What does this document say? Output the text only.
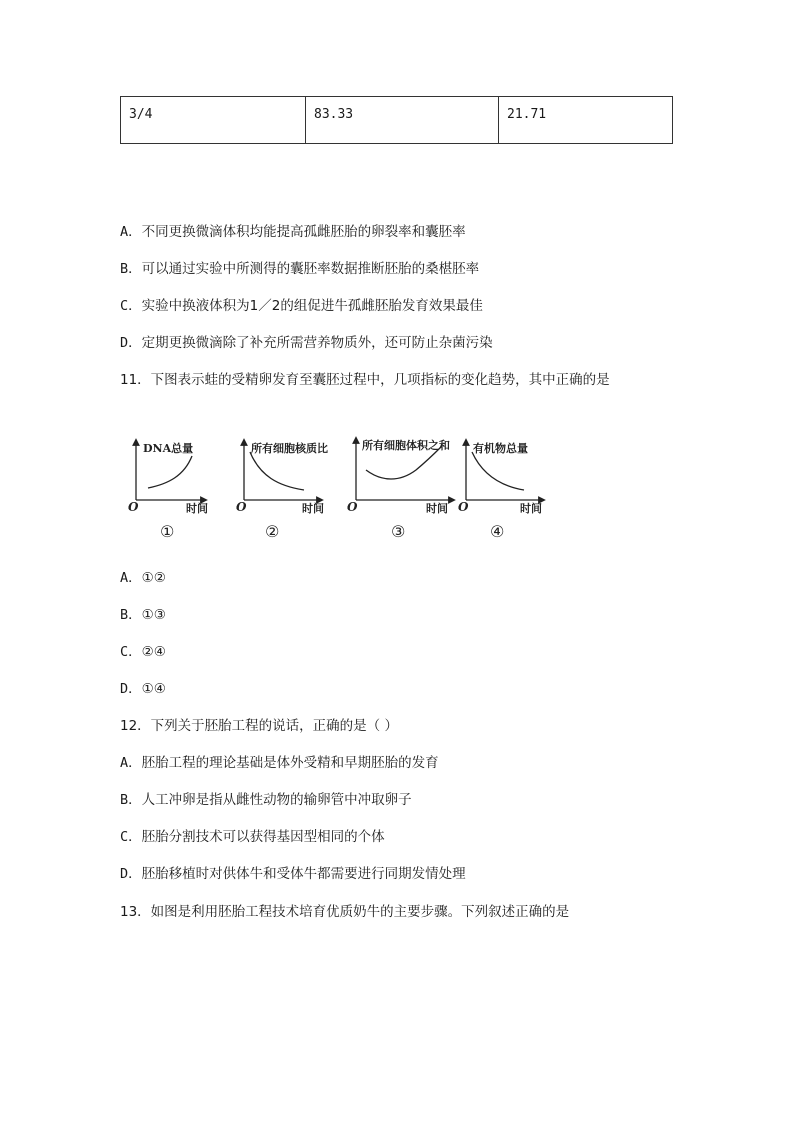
3/4	83.33	21.71
A．不同更换微滴体积均能提高孤雌胚胎的卵裂率和囊胚率
B．可以通过实验中所测得的囊胚率数据推断胚胎的桑椹胚率
C．实验中换液体积为1／2的组促进牛孤雌胚胎发育效果最佳
D．定期更换微滴除了补充所需营养物质外，还可防止杂菌污染
11．下图表示蛙的受精卵发育至囊胚过程中，几项指标的变化趋势，其中正确的是
DNA总量
O	时间
①
所有细胞核质比
O	时间
②
所有细胞体积之和
O	时间
③
有机物总量
O	时间
④
A．①②
B．①③
C．②④
D．①④
12．下列关于胚胎工程的说话，正确的是（ ）
A．胚胎工程的理论基础是体外受精和早期胚胎的发育
B．人工冲卵是指从雌性动物的输卵管中冲取卵子
C．胚胎分割技术可以获得基因型相同的个体
D．胚胎移植时对供体牛和受体牛都需要进行同期发情处理
13．如图是利用胚胎工程技术培育优质奶牛的主要步骤。下列叙述正确的是
